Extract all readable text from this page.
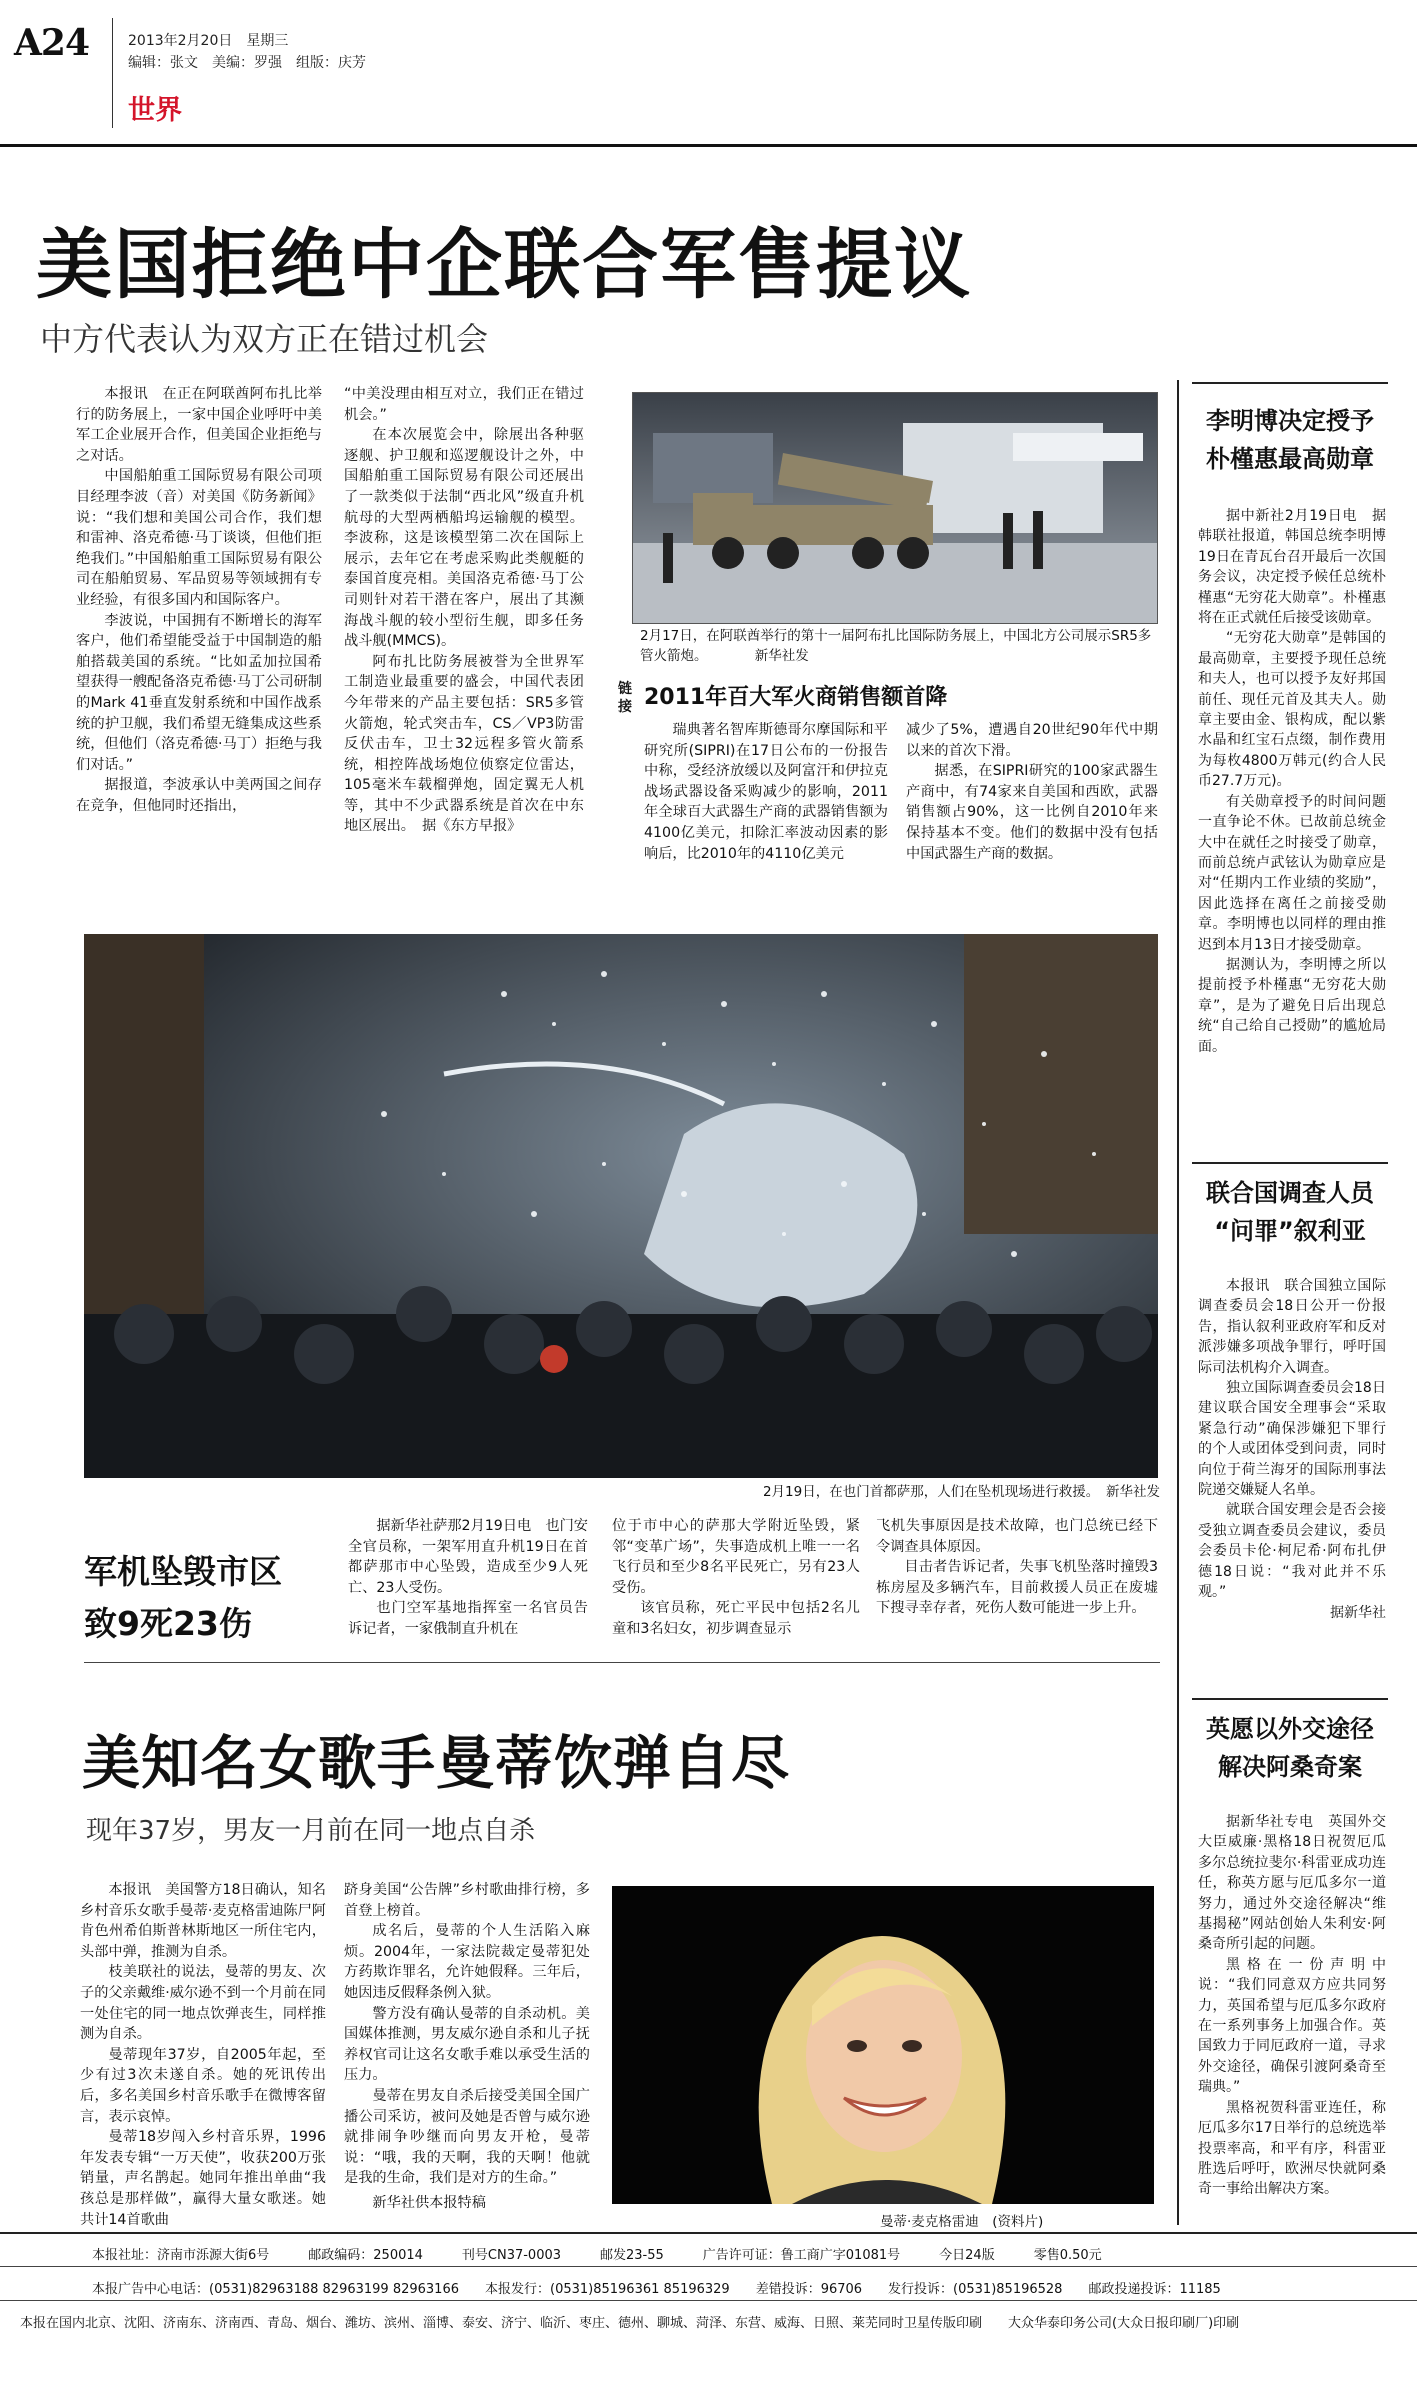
A24	2013年2月20日　星期三
编辑：张文　美编：罗强　组版：庆芳
世界
美国拒绝中企联合军售提议
中方代表认为双方正在错过机会

本报讯　在正在阿联酋阿布扎比举行的防务展上，一家中国企业呼吁中美军工企业展开合作，但美国企业拒绝与之对话。

中国船舶重工国际贸易有限公司项目经理李波（音）对美国《防务新闻》说：“我们想和美国公司合作，我们想和雷神、洛克希德·马丁谈谈，但他们拒绝我们。”中国船舶重工国际贸易有限公司在船舶贸易、军品贸易等领域拥有专业经验，有很多国内和国际客户。

李波说，中国拥有不断增长的海军客户，他们希望能受益于中国制造的船舶搭载美国的系统。“比如孟加拉国希望获得一艘配备洛克希德·马丁公司研制的Mark 41垂直发射系统和中国作战系统的护卫舰，我们希望无缝集成这些系统，但他们（洛克希德·马丁）拒绝与我们对话。”

据报道，李波承认中美两国之间存在竞争，但他同时还指出，

“中美没理由相互对立，我们正在错过机会。”

在本次展览会中，除展出各种驱逐舰、护卫舰和巡逻舰设计之外，中国船舶重工国际贸易有限公司还展出了一款类似于法制“西北风”级直升机航母的大型两栖船坞运输舰的模型。李波称，这是该模型第二次在国际上展示，去年它在考虑采购此类舰艇的泰国首度亮相。美国洛克希德·马丁公司则针对若干潜在客户，展出了其濒海战斗舰的较小型衍生舰，即多任务战斗舰(MMCS)。

阿布扎比防务展被誉为全世界军工制造业最重要的盛会，中国代表团今年带来的产品主要包括：SR5多管火箭炮，轮式突击车，CS／VP3防雷反伏击车，卫士32远程多管火箭系统，相控阵战场炮位侦察定位雷达，105毫米车载榴弹炮，固定翼无人机等，其中不少武器系统是首次在中东地区展出。　据《东方早报》

2月17日，在阿联酋举行的第十一届阿布扎比国际防务展上，中国北方公司展示SR5多管火箭炮。　　　　新华社发
链接 2011年百大军火商销售额首降

瑞典著名智库斯德哥尔摩国际和平研究所(SIPRI)在17日公布的一份报告中称，受经济放缓以及阿富汗和伊拉克战场武器设备采购减少的影响，2011年全球百大武器生产商的武器销售额为4100亿美元，扣除汇率波动因素的影响后，比2010年的4110亿美元

减少了5%，遭遇自20世纪90年代中期以来的首次下滑。

据悉，在SIPRI研究的100家武器生产商中，有74家来自美国和西欧，武器销售额占90%，这一比例自2010年来保持基本不变。他们的数据中没有包括中国武器生产商的数据。

2月19日，在也门首都萨那，人们在坠机现场进行救援。　新华社发
军机坠毁市区
致9死23伤

据新华社萨那2月19日电　也门安全官员称，一架军用直升机19日在首都萨那市中心坠毁，造成至少9人死亡、23人受伤。

也门空军基地指挥室一名官员告诉记者，一家俄制直升机在

位于市中心的萨那大学附近坠毁，紧邻“变革广场”，失事造成机上唯一一名飞行员和至少8名平民死亡，另有23人受伤。

该官员称，死亡平民中包括2名儿童和3名妇女，初步调查显示

飞机失事原因是技术故障，也门总统已经下令调查具体原因。

目击者告诉记者，失事飞机坠落时撞毁3栋房屋及多辆汽车，目前救援人员正在废墟下搜寻幸存者，死伤人数可能进一步上升。

美知名女歌手曼蒂饮弹自尽
现年37岁，男友一月前在同一地点自杀

本报讯　美国警方18日确认，知名乡村音乐女歌手曼蒂·麦克格雷迪陈尸阿肯色州希伯斯普林斯地区一所住宅内，头部中弹，推测为自杀。

枝美联社的说法，曼蒂的男友、次子的父亲戴维·威尔逊不到一个月前在同一处住宅的同一地点饮弹丧生，同样推测为自杀。

曼蒂现年37岁，自2005年起，至少有过3次未遂自杀。她的死讯传出后，多名美国乡村音乐歌手在微博客留言，表示哀悼。

曼蒂18岁闯入乡村音乐界，1996年发表专辑“一万天使”，收获200万张销量，声名鹊起。她同年推出单曲“我孩总是那样做”，赢得大量女歌迷。她共计14首歌曲

跻身美国“公告牌”乡村歌曲排行榜，多首登上榜首。

成名后，曼蒂的个人生活陷入麻烦。2004年，一家法院裁定曼蒂犯处方药欺诈罪名，允许她假释。三年后，她因违反假释条例入狱。

警方没有确认曼蒂的自杀动机。美国媒体推测，男友威尔逊自杀和儿子抚养权官司让这名女歌手难以承受生活的压力。

曼蒂在男友自杀后接受美国全国广播公司采访，被问及她是否曾与威尔逊就排闹争吵继而向男友开枪，曼蒂说：“哦，我的天啊，我的天啊！他就是我的生命，我们是对方的生命。”

新华社供本报特稿

曼蒂·麦克格雷迪　(资料片)
李明博决定授予
朴槿惠最高勋章

据中新社2月19日电　据韩联社报道，韩国总统李明博19日在青瓦台召开最后一次国务会议，决定授予候任总统朴槿惠“无穷花大勋章”。朴槿惠将在正式就任后接受该勋章。

“无穷花大勋章”是韩国的最高勋章，主要授予现任总统和夫人，也可以授予友好邦国前任、现任元首及其夫人。勋章主要由金、银构成，配以紫水晶和红宝石点缀，制作费用为每枚4800万韩元(约合人民币27.7万元)。

有关勋章授予的时间问题一直争论不休。已故前总统金大中在就任之时接受了勋章，而前总统卢武铉认为勋章应是对“任期内工作业绩的奖励”，因此选择在离任之前接受勋章。李明博也以同样的理由推迟到本月13日才接受勋章。

据测认为，李明博之所以提前授予朴槿惠“无穷花大勋章”，是为了避免日后出现总统“自己给自己授勋”的尴尬局面。

联合国调查人员
“问罪”叙利亚

本报讯　联合国独立国际调查委员会18日公开一份报告，指认叙利亚政府军和反对派涉嫌多项战争罪行，呼吁国际司法机构介入调查。

独立国际调查委员会18日建议联合国安全理事会“采取紧急行动”确保涉嫌犯下罪行的个人或团体受到问责，同时向位于荷兰海牙的国际刑事法院递交嫌疑人名单。

就联合国安理会是否会接受独立调查委员会建议，委员会委员卡伦·柯尼希·阿布扎伊德18日说：“我对此并不乐观。”

据新华社

英愿以外交途径
解决阿桑奇案

据新华社专电　英国外交大臣威廉·黑格18日祝贺厄瓜多尔总统拉斐尔·科雷亚成功连任，称英方愿与厄瓜多尔一道努力，通过外交途径解决“维基揭秘”网站创始人朱利安·阿桑奇所引起的问题。

黑格在一份声明中说：“我们同意双方应共同努力，英国希望与厄瓜多尔政府在一系列事务上加强合作。英国致力于同厄政府一道，寻求外交途径，确保引渡阿桑奇至瑞典。”

黑格祝贺科雷亚连任，称厄瓜多尔17日举行的总统选举投票率高，和平有序，科雷亚胜选后呼吁，欧洲尽快就阿桑奇一事给出解决方案。

本报社址：济南市泺源大街6号　　　邮政编码：250014　　　刊号CN37-0003　　　邮发23-55　　　广告许可证：鲁工商广字01081号　　　今日24版　　　零售0.50元
本报广告中心电话：(0531)82963188 82963199 82963166　　本报发行：(0531)85196361 85196329　　差错投诉：96706　　发行投诉：(0531)85196528　　邮政投递投诉：11185
本报在国内北京、沈阳、济南东、济南西、青岛、烟台、潍坊、滨州、淄博、泰安、济宁、临沂、枣庄、德州、聊城、菏泽、东营、威海、日照、莱芜同时卫星传版印刷　　大众华泰印务公司(大众日报印刷厂)印刷
